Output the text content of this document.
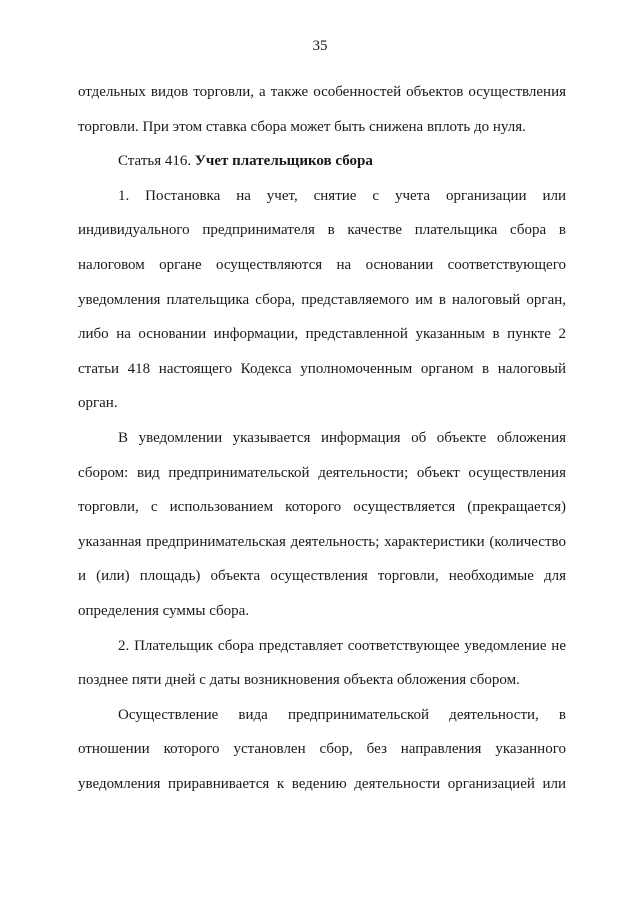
35

отдельных видов торговли, а также особенностей объектов осуществления торговли. При этом ставка сбора может быть снижена вплоть до нуля.

Статья 416. Учет плательщиков сбора

1. Постановка на учет, снятие с учета организации или индивидуального предпринимателя в качестве плательщика сбора в налоговом органе осуществляются на основании соответствующего уведомления плательщика сбора, представляемого им в налоговый орган, либо на основании информации, представленной указанным в пункте 2 статьи 418 настоящего Кодекса уполномоченным органом в налоговый орган.

В уведомлении указывается информация об объекте обложения сбором: вид предпринимательской деятельности; объект осуществления торговли, с использованием которого осуществляется (прекращается) указанная предпринимательская деятельность; характеристики (количество и (или) площадь) объекта осуществления торговли, необходимые для определения суммы сбора.

2. Плательщик сбора представляет соответствующее уведомление не позднее пяти дней с даты возникновения объекта обложения сбором.

Осуществление вида предпринимательской деятельности, в отношении которого установлен сбор, без направления указанного уведомления приравнивается к ведению деятельности организацией или
